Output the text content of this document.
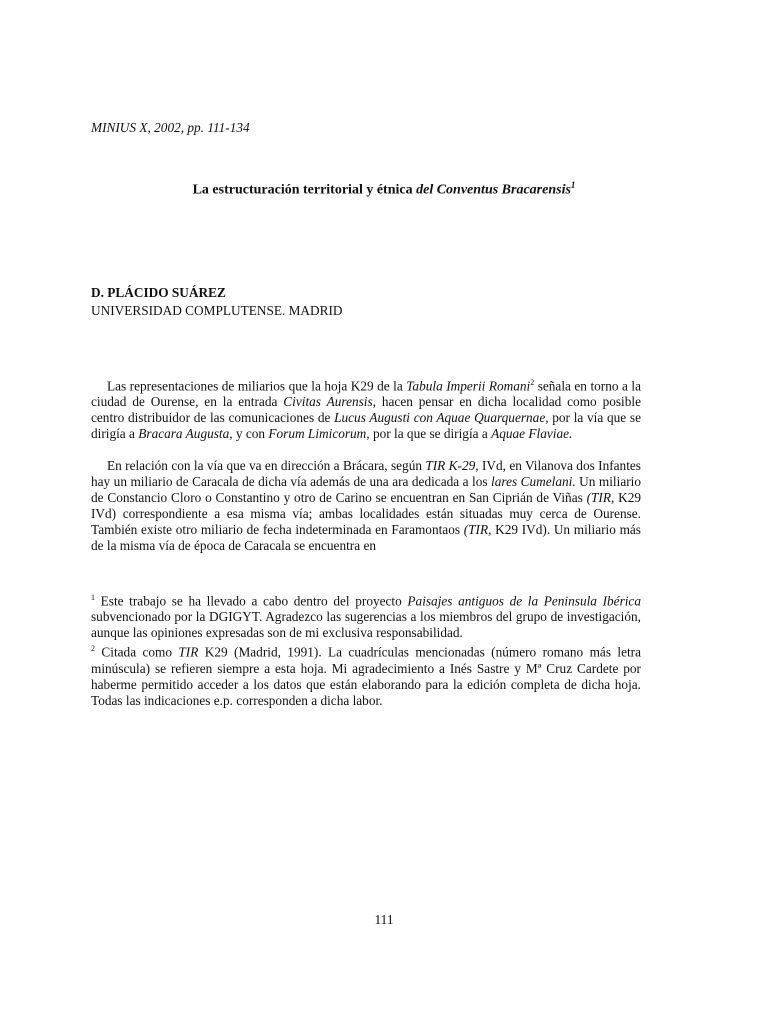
MINIUS X, 2002, pp. 111-134
La estructuración territorial y étnica del Conventus Bracarensis$^1$
D. PLÁCIDO SUÁREZ
UNIVERSIDAD COMPLUTENSE. MADRID

Las representaciones de miliarios que la hoja K29 de la Tabula Imperii Romani$^2$ señala en torno a la ciudad de Ourense, en la entrada Civitas Aurensis, hacen pensar en dicha localidad como posible centro distribuidor de las comunicaciones de Lucus Augusti con Aquae Quarquernae, por la vía que se dirigía a Bracara Augusta, y con Forum Limicorum, por la que se dirigía a Aquae Flaviae.

En relación con la vía que va en dirección a Brácara, según TIR K-29, IVd, en Vilanova dos Infantes hay un miliario de Caracala de dicha vía además de una ara dedicada a los lares Cumelani. Un miliario de Constancio Cloro o Constantino y otro de Carino se encuentran en San Ciprián de Viñas (TIR, K29 IVd) correspondiente a esa misma vía; ambas localidades están situadas muy cerca de Ourense. También existe otro miliario de fecha indeterminada en Faramontaos (TIR, K29 IVd). Un miliario más de la misma vía de época de Caracala se encuentra en

$^1$ Este trabajo se ha llevado a cabo dentro del proyecto Paisajes antiguos de la Peninsula Ibérica subvencionado por la DGIGYT. Agradezco las sugerencias a los miembros del grupo de investigación, aunque las opiniones expresadas son de mi exclusiva responsabilidad.

$^2$ Citada como TIR K29 (Madrid, 1991). La cuadrículas mencionadas (número romano más letra minúscula) se refieren siempre a esta hoja. Mi agradecimiento a Inés Sastre y Mª Cruz Cardete por haberme permitido acceder a los datos que están elaborando para la edición completa de dicha hoja. Todas las indicaciones e.p. corresponden a dicha labor.

111
